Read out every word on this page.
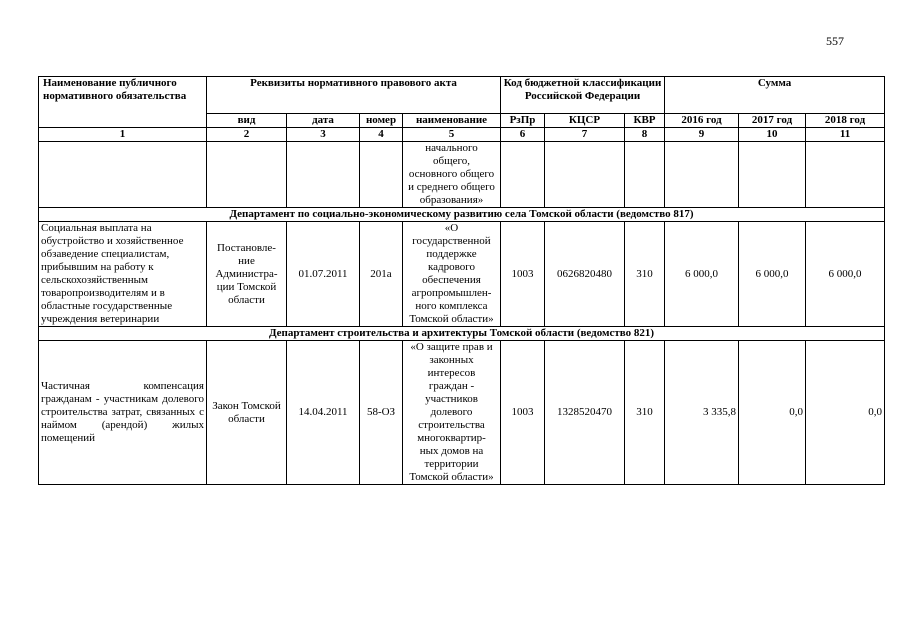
557
Наименование публичного нормативного обязательства	Реквизиты нормативного правового акта				Код бюджетной классификации Российской Федерации			Сумма		
	вид	дата	номер	наименование	РзПр	КЦСР	КВР	2016 год	2017 год	2018 год
1	2	3	4	5	6	7	8	9	10	11
				начального общего, основного общего и среднего общего образования»						
Департамент по социально-экономическому развитию села Томской области (ведомство 817)										
Социальная выплата на обустройство и хозяйственное обзаведение специалистам, прибывшим на работу к сельскохозяйственным товаропроизводителям и в областные государственные учреждения ветеринарии	Постановле-ние Администра-ции Томской области	01.07.2011	201а	«О государственной поддержке кадрового обеспечения агропромышлен-ного комплекса Томской области»	1003	0626820480	310	6 000,0	6 000,0	6 000,0
Департамент строительства и архитектуры Томской области (ведомство 821)										
Частичная компенсация гражданам - участникам долевого строительства затрат, связанных с наймом (арендой) жилых помещений	Закон Томской области	14.04.2011	58-ОЗ	«О защите прав и законных интересов граждан - участников долевого строительства многоквартир-ных домов на территории Томской области»	1003	1328520470	310	3 335,8	0,0	0,0
